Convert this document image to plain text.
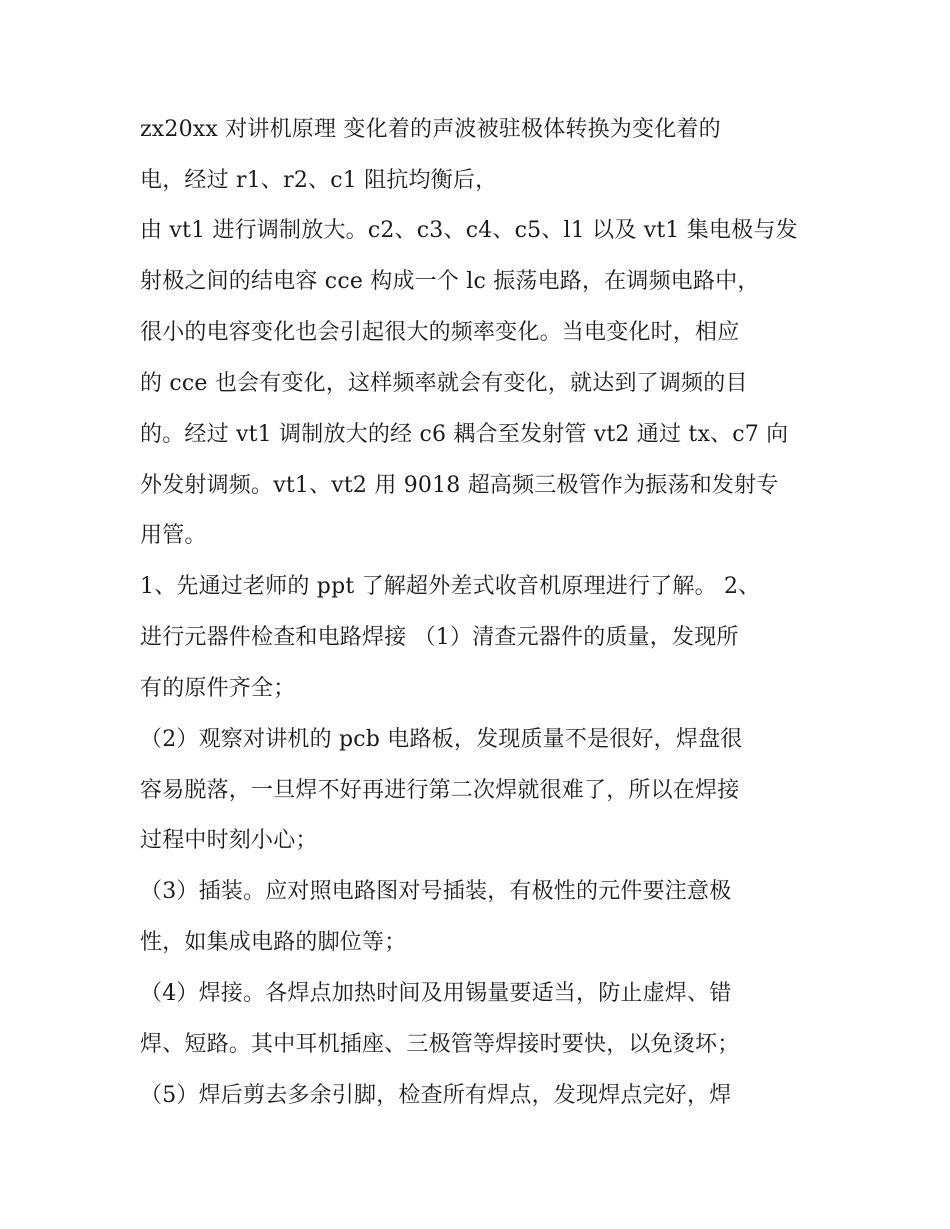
zx20xx 对讲机原理 变化着的声波被驻极体转换为变化着的
电，经过 r1、r2、c1 阻抗均衡后，
由 vt1 进行调制放大。c2、c3、c4、c5、l1 以及 vt1 集电极与发
射极之间的结电容 cce 构成一个 lc 振荡电路，在调频电路中，
很小的电容变化也会引起很大的频率变化。当电变化时，相应
的 cce 也会有变化，这样频率就会有变化，就达到了调频的目
的。经过 vt1 调制放大的经 c6 耦合至发射管 vt2 通过 tx、c7 向
外发射调频。vt1、vt2 用 9018 超高频三极管作为振荡和发射专
用管。
1、先通过老师的 ppt 了解超外差式收音机原理进行了解。 2、
进行元器件检查和电路焊接 （1）清查元器件的质量，发现所
有的原件齐全；
（2）观察对讲机的 pcb 电路板，发现质量不是很好，焊盘很
容易脱落，一旦焊不好再进行第二次焊就很难了，所以在焊接
过程中时刻小心；
（3）插装。应对照电路图对号插装，有极性的元件要注意极
性，如集成电路的脚位等；
（4）焊接。各焊点加热时间及用锡量要适当，防止虚焊、错
焊、短路。其中耳机插座、三极管等焊接时要快，以免烫坏；
（5）焊后剪去多余引脚，检查所有焊点，发现焊点完好，焊
